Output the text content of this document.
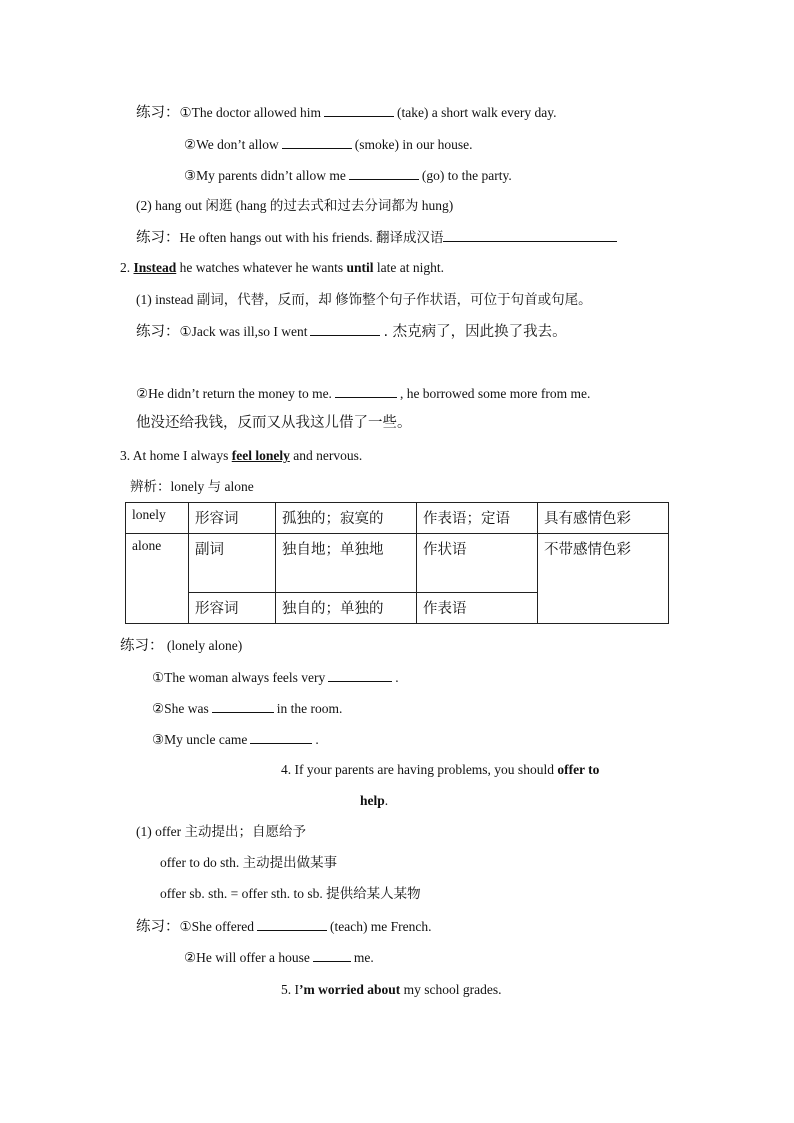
练习：①The doctor allowed him	(take) a short walk every day.
②We don’t allow	(smoke) in our house.
③My parents didn’t allow me	(go) to the party.
(2) hang out 闲逛 (hang 的过去式和过去分词都为 hung)
练习：He often hangs out with his friends. 翻译成汉语
2. Instead he watches whatever he wants until late at night.
(1) instead 副词，代替，反而，却 修饰整个句子作状语，可位于句首或句尾。
练习：①Jack was ill,so I went	. 杰克病了，因此换了我去。
②He didn’t return the money to me.	, he borrowed some more from me.
他没还给我钱，反而又从我这儿借了一些。
3. At home I always feel lonely and nervous.
辨析：lonely 与 alone
lonely	形容词	孤独的；寂寞的	作表语；定语	具有感情色彩
alone	副词	独自地；单独地	作状语	不带感情色彩
	形容词	独自的；单独的	作表语	
练习： (lonely alone)
①The woman always feels very	.
②She was	in the room.
③My uncle came	.
4. If your parents are having problems, you should offer to
help.
(1) offer 主动提出；自愿给予
offer to do sth. 主动提出做某事
offer sb. sth. = offer sth. to sb. 提供给某人某物
练习：①She offered	(teach) me French.
②He will offer a house	me.
5. I’m worried about my school grades.
